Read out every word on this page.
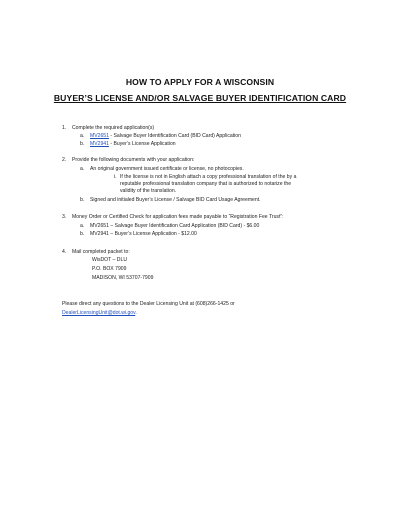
HOW TO APPLY FOR A WISCONSIN
BUYER’S LICENSE AND/OR SALVAGE BUYER IDENTIFICATION CARD
1. Complete the required application(s)
a. MV2651 - Salvage Buyer Identification Card (BID Card) Application
b. MV2941 - Buyer’s License Application
2. Provide the following documents with your application:
a. An original government issued certificate or license, no photocopies.
i. If the license is not in English attach a copy professional translation of the by a
reputable professional translation company that is authorized to notarize the
validity of the translation.
b. Signed and initialed Buyer’s License / Salvage BID Card Usage Agreement.
3. Money Order or Certified Check for application fees made payable to “Registration Fee Trust”:
a. MV2651 – Salvage Buyer Identification Card Application (BID Card) - $6.00
b. MV2941 – Buyer’s License Application - $12.00
4. Mail completed packet to:
WisDOT – DLU
P.O. BOX 7909
MADISON, WI 53707-7909
Please direct any questions to the Dealer Licensing Unit at (608)266-1425 or
DealerLicensingUnit@dot.wi.gov.
